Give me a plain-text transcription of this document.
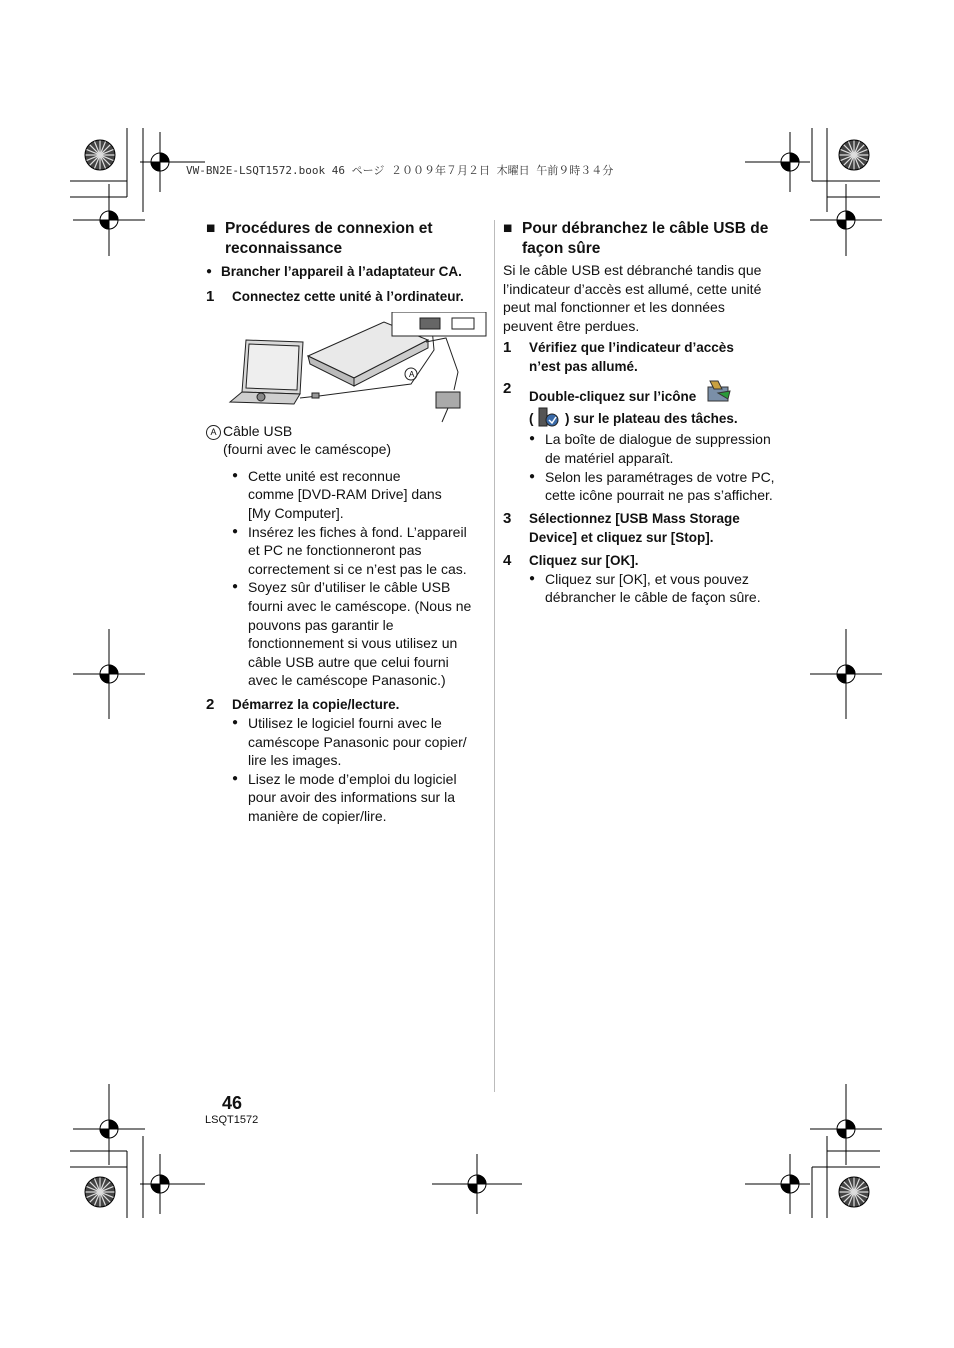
VW-BN2E-LSQT1572.book 46 ページ ２００９年７月２日 木曜日 午前９時３４分
■ Procédures de connexion et
reconnaissance
● Brancher l’appareil à l’adaptateur CA.
1	Connectez cette unité à l’ordinateur.
A
A Câble USB
(fourni avec le caméscope)
● Cette unité est reconnue
comme [DVD-RAM Drive] dans
[My Computer].
● Insérez les fiches à fond. L’appareil
et PC ne fonctionneront pas
correctement si ce n’est pas le cas.
● Soyez sûr d’utiliser le câble USB
fourni avec le caméscope. (Nous ne
pouvons pas garantir le
fonctionnement si vous utilisez un
câble USB autre que celui fourni
avec le caméscope Panasonic.)
2	Démarrez la copie/lecture.
● Utilisez le logiciel fourni avec le
caméscope Panasonic pour copier/
lire les images.
● Lisez le mode d’emploi du logiciel
pour avoir des informations sur la
manière de copier/lire.
■ Pour débranchez le câble USB de
façon sûre

Si le câble USB est débranché tandis que
l’indicateur d’accès est allumé, cette unité
peut mal fonctionner et les données
peuvent être perdues.

1	Vérifiez que l’indicateur d’accès
n’est pas allumé.
2	Double-cliquez sur l’icône
( ) sur le plateau des tâches.
● La boîte de dialogue de suppression
de matériel apparaît.
● Selon les paramétrages de votre PC,
cette icône pourrait ne pas s’afficher.
3	Sélectionnez [USB Mass Storage
Device] et cliquez sur [Stop].
4	Cliquez sur [OK].
● Cliquez sur [OK], et vous pouvez
débrancher le câble de façon sûre.
46
LSQT1572
